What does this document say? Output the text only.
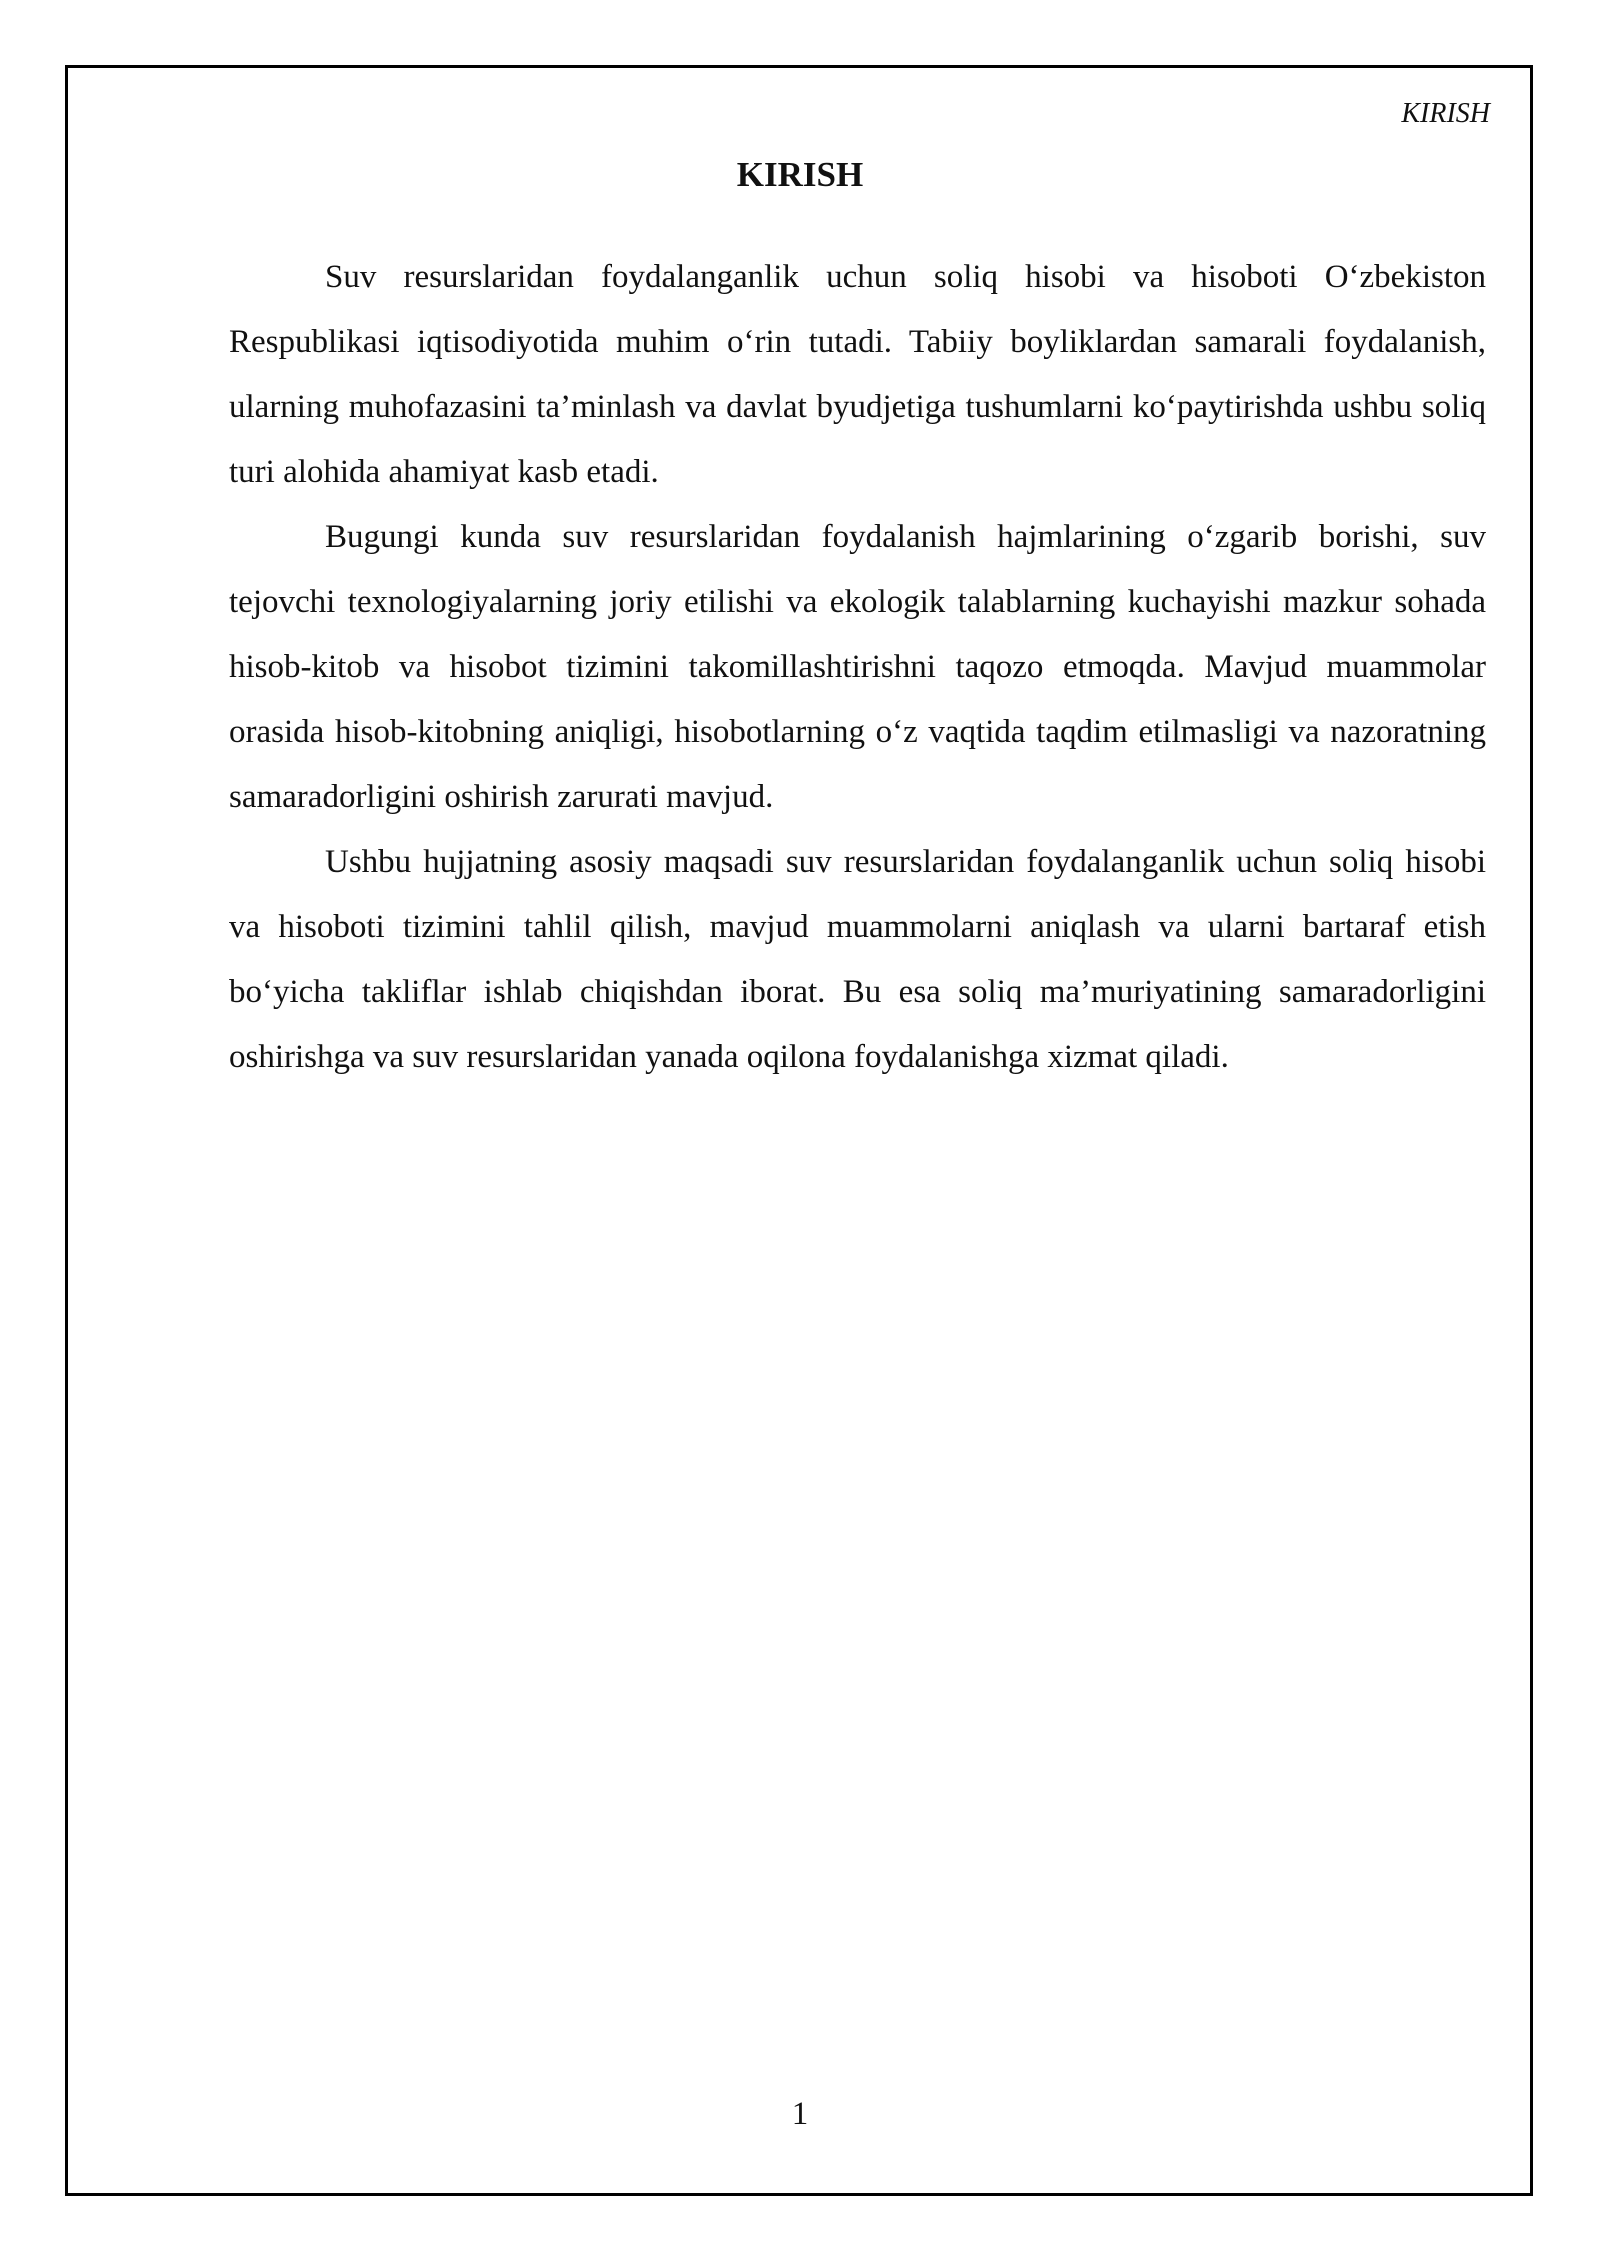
KIRISH
KIRISH

Suv resurslaridan foydalanganlik uchun soliq hisobi va hisoboti O‘zbekiston Respublikasi iqtisodiyotida muhim o‘rin tutadi. Tabiiy boyliklardan samarali foydalanish, ularning muhofazasini ta’minlash va davlat byudjetiga tushumlarni ko‘paytirishda ushbu soliq turi alohida ahamiyat kasb etadi.

Bugungi kunda suv resurslaridan foydalanish hajmlarining o‘zgarib borishi, suv tejovchi texnologiyalarning joriy etilishi va ekologik talablarning kuchayishi mazkur sohada hisob-kitob va hisobot tizimini takomillashtirishni taqozo etmoqda. Mavjud muammolar orasida hisob-kitobning aniqligi, hisobotlarning o‘z vaqtida taqdim etilmasligi va nazoratning samaradorligini oshirish zarurati mavjud.

Ushbu hujjatning asosiy maqsadi suv resurslaridan foydalanganlik uchun soliq hisobi va hisoboti tizimini tahlil qilish, mavjud muammolarni aniqlash va ularni bartaraf etish bo‘yicha takliflar ishlab chiqishdan iborat. Bu esa soliq ma’muriyatining samaradorligini oshirishga va suv resurslaridan yanada oqilona foydalanishga xizmat qiladi.

1
